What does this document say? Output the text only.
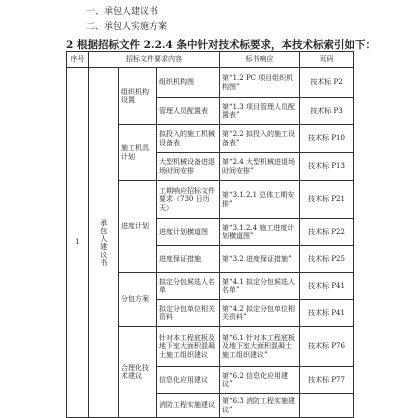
一、承包人建议书
二、承包人实施方案
2 根据招标文件 2.2.4 条中针对技术标要求，本技术标索引如下：
序号	招标文件要求内容			标书响应	页码
1	承包人建议书	组织机构设置	组织机构图	第“1.2 PC 项目组织机构图”	技术标 P2
			管理人员配置表	第“1.3 项目管理人员配置表”	技术标 P3
		施工机具计划	拟投入的施工机械设备表	第“2.2 拟投入的施工设备表”	技术标 P10
			大型机械设备进退场时间安排	第“2.4 大型机械进退场时间安排”	技术标 P13
		进度计划	工期响应招标文件要求（730 日历天）	第“3.1.2.1 总体工期安排”	技术标 P21
			进度计划横道图	第“3.1.2.4 施工进度计划横道图”	技术标 P22
			进度保证措施	第“3.2 进度保证措施”	技术标 P25
		分包方案	拟定分包候选人名单	第“4.1 拟定分包候选人名单”	技术标 P41
			拟定分包单位相关资料	第“4.2 拟定分包单位相关资料”	技术标 P41
		合理化技术建议	针对本工程底板及地下室大面积混凝土施工组织建议	第“6.1 针对本工程底板及地下室大面积混凝土施工组织建议”	技术标 P76
			信息化应用建议	第“6.2 信息化应用建议”	技术标 P77
			消防工程实施建议	第“6.3 消防工程实施建议”	
